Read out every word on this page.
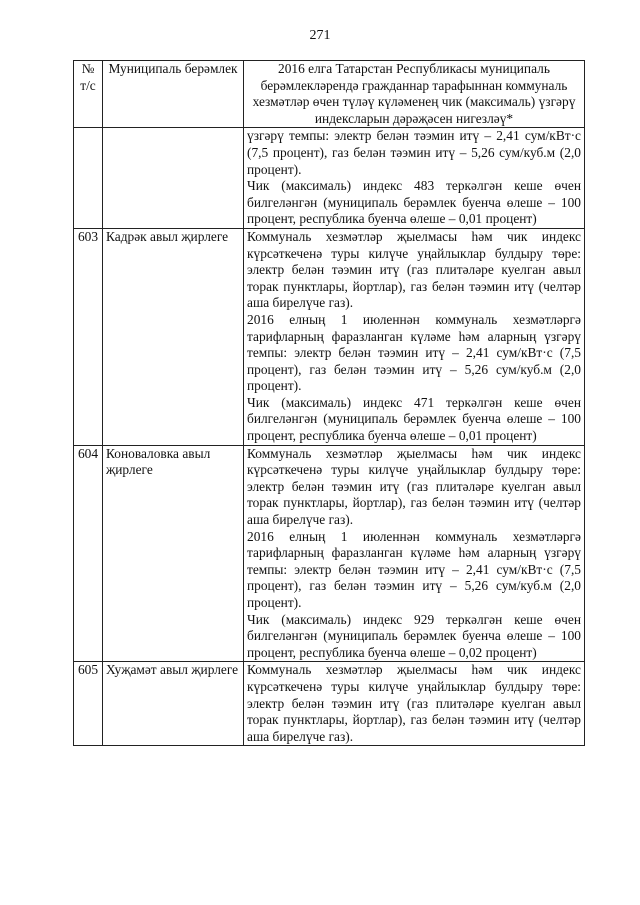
271
№ т/с	Муниципаль берәмлек	2016 елга Татарстан Республикасы муниципаль берәмлекләрендә гражданнар тарафыннан коммуналь хезмәтләр өчен түләү күләменең чик (максималь) үзгәрү индексларын дәрәҗәсен нигезләү*

		үзгәрү темпы: электр белән тәэмин итү – 2,41 сум/кВт·с (7,5 процент), газ белән тәэмин итү – 5,26 сум/куб.м (2,0 процент).

Чик (максималь) индекс 483 теркәлгән кеше өчен билгеләнгән (муниципаль берәмлек буенча өлеше – 100 процент, республика буенча өлеше – 0,01 процент)

603	Кадрәк авыл җирлеге	Коммуналь хезмәтләр җыелмасы һәм чик индекс күрсәткеченә туры килүче уңайлыклар булдыру төре: электр белән тәэмин итү (газ плитәләре куелган авыл торак пунктлары, йортлар), газ белән тәэмин итү (челтәр аша бирелүче газ).

2016 елның 1 июленнән коммуналь хезмәтләргә тарифларның фаразланган күләме һәм аларның үзгәрү темпы: электр белән тәэмин итү – 2,41 сум/кВт·с (7,5 процент), газ белән тәэмин итү – 5,26 сум/куб.м (2,0 процент).

Чик (максималь) индекс 471 теркәлгән кеше өчен билгеләнгән (муниципаль берәмлек буенча өлеше – 100 процент, республика буенча өлеше – 0,01 процент)

604	Коноваловка авыл җирлеге	Коммуналь хезмәтләр җыелмасы һәм чик индекс күрсәткеченә туры килүче уңайлыклар булдыру төре: электр белән тәэмин итү (газ плитәләре куелган авыл торак пунктлары, йортлар), газ белән тәэмин итү (челтәр аша бирелүче газ).

2016 елның 1 июленнән коммуналь хезмәтләргә тарифларның фаразланган күләме һәм аларның үзгәрү темпы: электр белән тәэмин итү – 2,41 сум/кВт·с (7,5 процент), газ белән тәэмин итү – 5,26 сум/куб.м (2,0 процент).

Чик (максималь) индекс 929 теркәлгән кеше өчен билгеләнгән (муниципаль берәмлек буенча өлеше – 100 процент, республика буенча өлеше – 0,02 процент)

605	Хуҗамәт авыл җирлеге	Коммуналь хезмәтләр җыелмасы һәм чик индекс күрсәткеченә туры килүче уңайлыклар булдыру төре: электр белән тәэмин итү (газ плитәләре куелган авыл торак пунктлары, йортлар), газ белән тәэмин итү (челтәр аша бирелүче газ).
